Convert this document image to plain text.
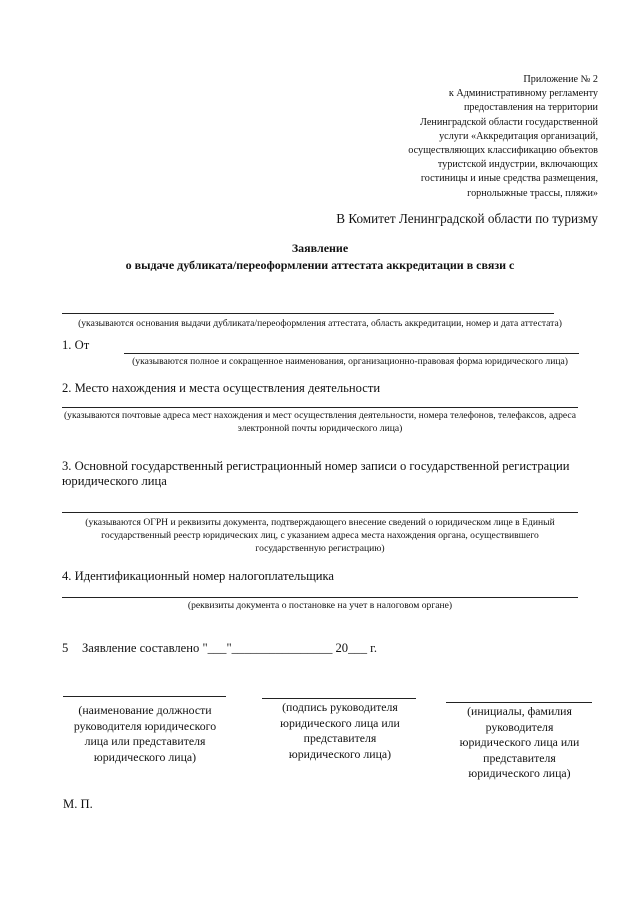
Приложение № 2
к Административному регламенту
предоставления на территории
Ленинградской области государственной
услуги «Аккредитация организаций,
осуществляющих классификацию объектов
туристской индустрии, включающих
гостиницы и иные средства размещения,
горнолыжные трассы, пляжи»
В Комитет Ленинградской области по туризму
Заявление
о выдаче дубликата/переоформлении аттестата аккредитации в связи с
(указываются основания выдачи дубликата/переоформления аттестата, область аккредитации, номер и дата аттестата)
1. От
(указываются полное и сокращенное наименования, организационно-правовая форма юридического лица)
2. Место нахождения и места осуществления деятельности
(указываются почтовые адреса мест нахождения и мест осуществления деятельности, номера телефонов, телефаксов, адреса
электронной почты юридического лица)
3. Основной государственный регистрационный номер записи о государственной регистрации
юридического лица
(указываются ОГРН и реквизиты документа, подтверждающего внесение сведений о юридическом лице в Единый
государственный реестр юридических лиц, с указанием адреса места нахождения органа, осуществившего
государственную регистрацию)
4. Идентификационный номер налогоплательщика
(реквизиты документа о постановке на учет в налоговом органе)
5 Заявление составлено "___"________________ 20___ г.
(наименование должности
руководителя юридического
лица или представителя
юридического лица)
(подпись руководителя
юридического лица или
представителя
юридического лица)
(инициалы, фамилия
руководителя
юридического лица или
представителя
юридического лица)
М. П.
